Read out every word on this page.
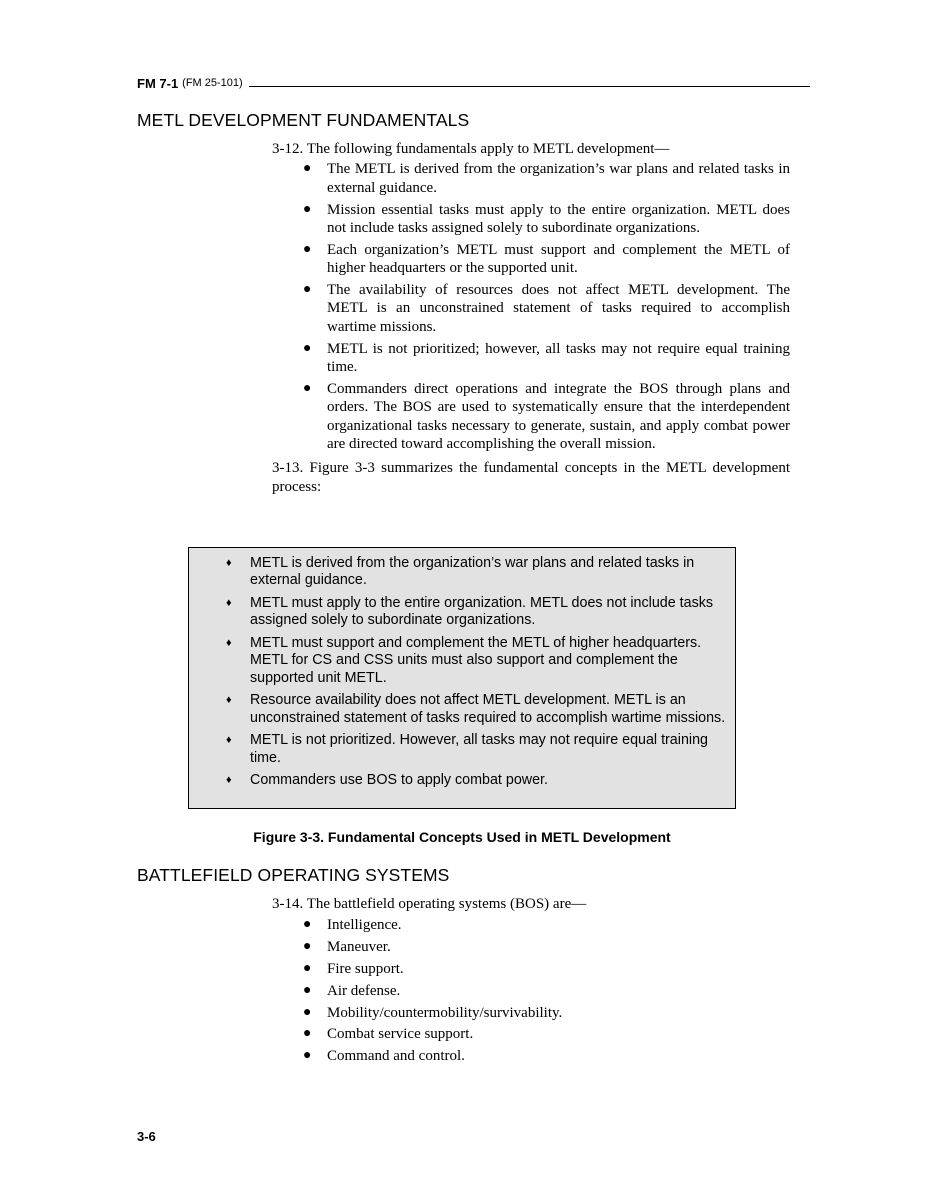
FM 7-1 (FM 25-101)
METL DEVELOPMENT FUNDAMENTALS

3-12. The following fundamentals apply to METL development—

● The METL is derived from the organization’s war plans and related tasks in external guidance.
● Mission essential tasks must apply to the entire organization. METL does not include tasks assigned solely to subordinate organizations.
● Each organization’s METL must support and complement the METL of higher headquarters or the supported unit.
● The availability of resources does not affect METL development. The METL is an unconstrained statement of tasks required to accomplish wartime missions.
● METL is not prioritized; however, all tasks may not require equal training time.
● Commanders direct operations and integrate the BOS through plans and orders. The BOS are used to systematically ensure that the interdependent organizational tasks necessary to generate, sustain, and apply combat power are directed toward accomplishing the overall mission.

3-13. Figure 3-3 summarizes the fundamental concepts in the METL development process:

♦ METL is derived from the organization’s war plans and related tasks in external guidance.
♦ METL must apply to the entire organization. METL does not include tasks assigned solely to subordinate organizations.
♦ METL must support and complement the METL of higher headquarters. METL for CS and CSS units must also support and complement the supported unit METL.
♦ Resource availability does not affect METL development. METL is an unconstrained statement of tasks required to accomplish wartime missions.
♦ METL is not prioritized. However, all tasks may not require equal training time.
♦ Commanders use BOS to apply combat power.
Figure 3-3. Fundamental Concepts Used in METL Development
BATTLEFIELD OPERATING SYSTEMS

3-14. The battlefield operating systems (BOS) are—

● Intelligence.
● Maneuver.
● Fire support.
● Air defense.
● Mobility/countermobility/survivability.
● Combat service support.
● Command and control.
3-6
